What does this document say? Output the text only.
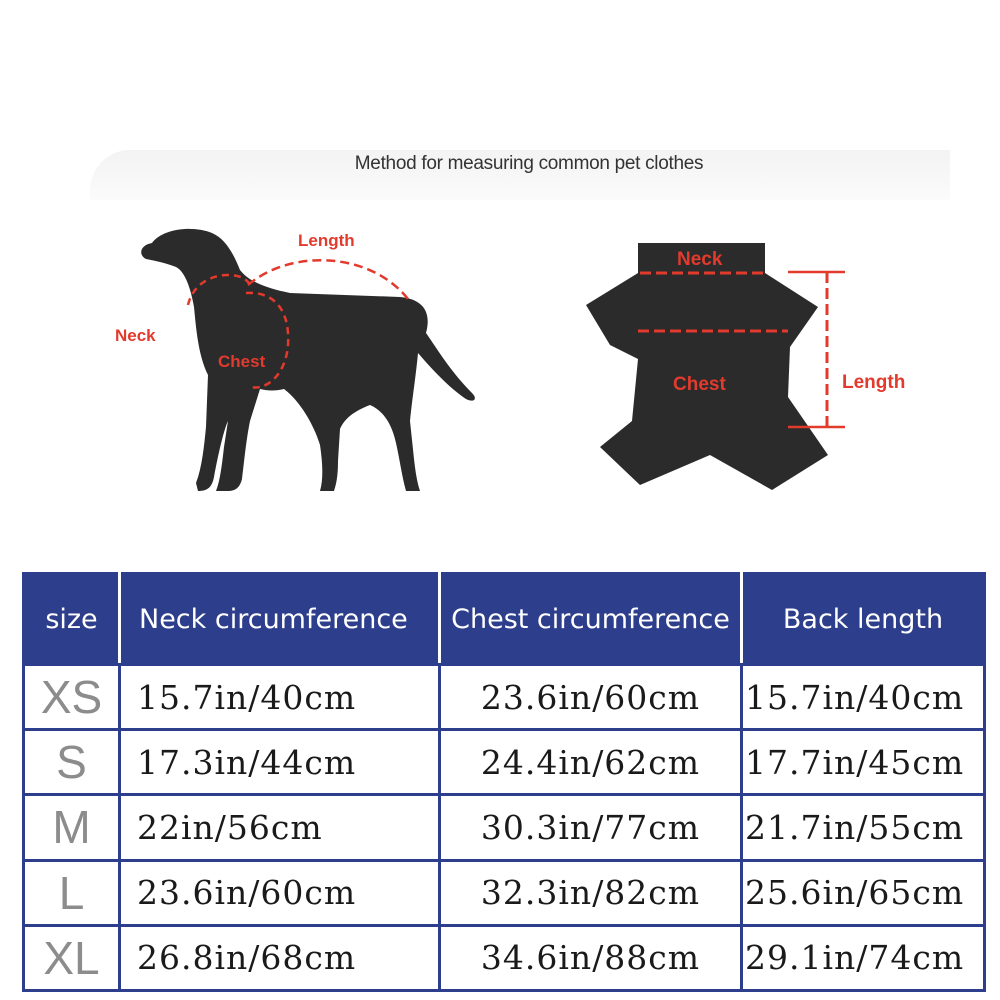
Method for measuring common pet clothes
Length
Neck
Chest
Neck
Chest	Length
size	Neck circumference	Chest circumference	Back length
XS	15.7in/40cm	23.6in/60cm	15.7in/40cm
S	17.3in/44cm	24.4in/62cm	17.7in/45cm
M	22in/56cm	30.3in/77cm	21.7in/55cm
L	23.6in/60cm	32.3in/82cm	25.6in/65cm
XL	26.8in/68cm	34.6in/88cm	29.1in/74cm
